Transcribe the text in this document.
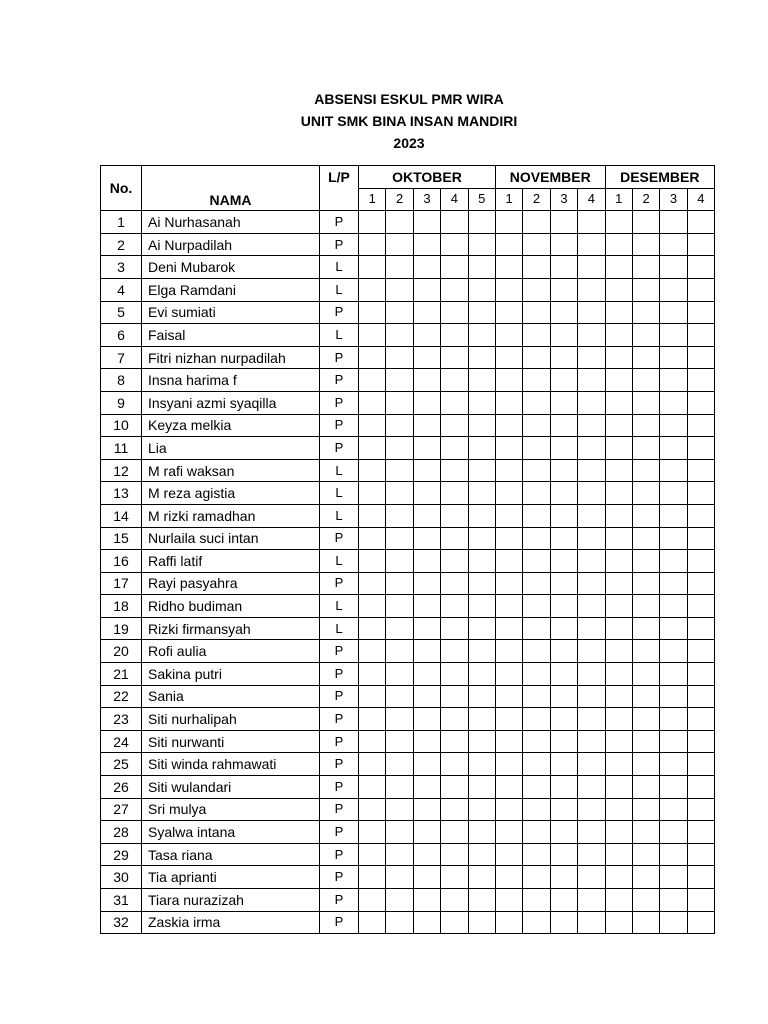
ABSENSI ESKUL PMR WIRA
UNIT SMK BINA INSAN MANDIRI
2023
No.	NAMA	L/P	OKTOBER					NOVEMBER				DESEMBER			
			1	2	3	4	5	1	2	3	4	1	2	3	4
1	Ai Nurhasanah	P													
2	Ai Nurpadilah	P													
3	Deni Mubarok	L													
4	Elga Ramdani	L													
5	Evi sumiati	P													
6	Faisal	L													
7	Fitri nizhan nurpadilah	P													
8	Insna harima f	P													
9	Insyani azmi syaqilla	P													
10	Keyza melkia	P													
11	Lia	P													
12	M rafi waksan	L													
13	M reza agistia	L													
14	M rizki ramadhan	L													
15	Nurlaila suci intan	P													
16	Raffi latif	L													
17	Rayi pasyahra	P													
18	Ridho budiman	L													
19	Rizki firmansyah	L													
20	Rofi aulia	P													
21	Sakina putri	P													
22	Sania	P													
23	Siti nurhalipah	P													
24	Siti nurwanti	P													
25	Siti winda rahmawati	P													
26	Siti wulandari	P													
27	Sri mulya	P													
28	Syalwa intana	P													
29	Tasa riana	P													
30	Tia aprianti	P													
31	Tiara nurazizah	P													
32	Zaskia irma	P													
